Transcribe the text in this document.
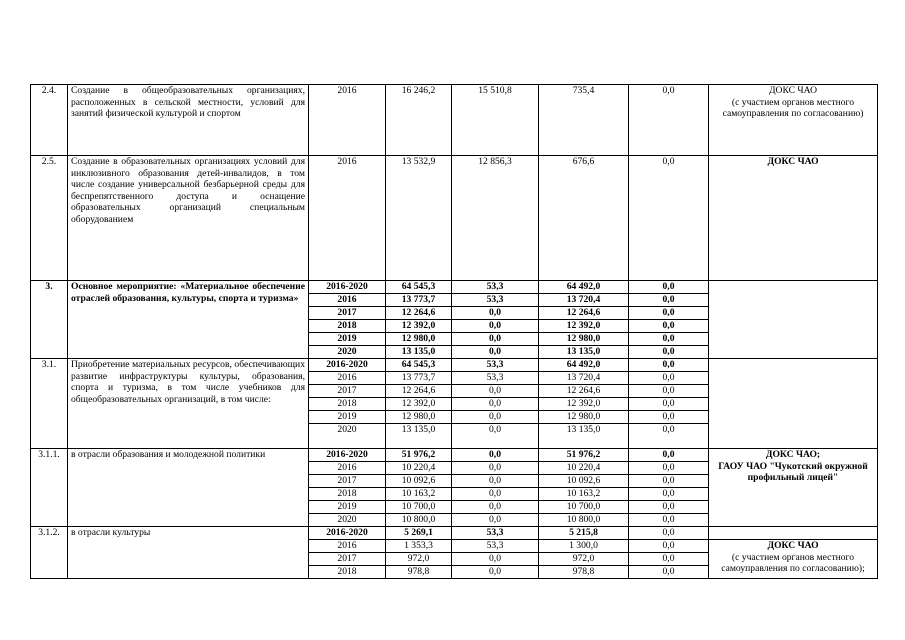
2.4.	Создание в общеобразовательных организациях, расположенных в сельской местности, условий для занятий физической культурой и спортом	2016	16 246,2	15 510,8	735,4	0,0	ДОКС ЧАО
(с участием органов местного
самоуправления по согласованию)

2.5.	Создание в образовательных организациях условий для инклюзивного образования детей-инвалидов, в том числе создание универсальной безбарьерной среды для беспрепятственного доступа и оснащение образовательных организаций специальным оборудованием	2016	13 532,9	12 856,3	676,6	0,0	ДОКС ЧАО

3.	Основное мероприятие: «Материальное обеспечение отраслей образования, культуры, спорта и туризма»	2016-2020	64 545,3	53,3	64 492,0	0,0	
		2016	13 773,7	53,3	13 720,4	0,0	
		2017	12 264,6	0,0	12 264,6	0,0	
		2018	12 392,0	0,0	12 392,0	0,0	
		2019	12 980,0	0,0	12 980,0	0,0	
		2020	13 135,0	0,0	13 135,0	0,0	
3.1.	Приобретение материальных ресурсов, обеспечивающих развитие инфраструктуры культуры, образования, спорта и туризма, в том числе учебников для общеобразовательных организаций, в том числе:	2016-2020	64 545,3	53,3	64 492,0	0,0	
		2016	13 773,7	53,3	13 720,4	0,0	
		2017	12 264,6	0,0	12 264,6	0,0	
		2018	12 392,0	0,0	12 392,0	0,0	
		2019	12 980,0	0,0	12 980,0	0,0	
		2020	13 135,0	0,0	13 135,0	0,0	
3.1.1.	в отрасли образования и молодежной политики	2016-2020	51 976,2	0,0	51 976,2	0,0	ДОКС ЧАО;
ГАОУ ЧАО "Чукотский окружной
профильный лицей"

		2016	10 220,4	0,0	10 220,4	0,0	
		2017	10 092,6	0,0	10 092,6	0,0	
		2018	10 163,2	0,0	10 163,2	0,0	
		2019	10 700,0	0,0	10 700,0	0,0	
		2020	10 800,0	0,0	10 800,0	0,0	
3.1.2.	в отрасли культуры	2016-2020	5 269,1	53,3	5 215,8	0,0	
		2016	1 353,3	53,3	1 300,0	0,0	ДОКС ЧАО
(с участием органов местного
самоуправления по согласованию);

		2017	972,0	0,0	972,0	0,0	
		2018	978,8	0,0	978,8	0,0	
